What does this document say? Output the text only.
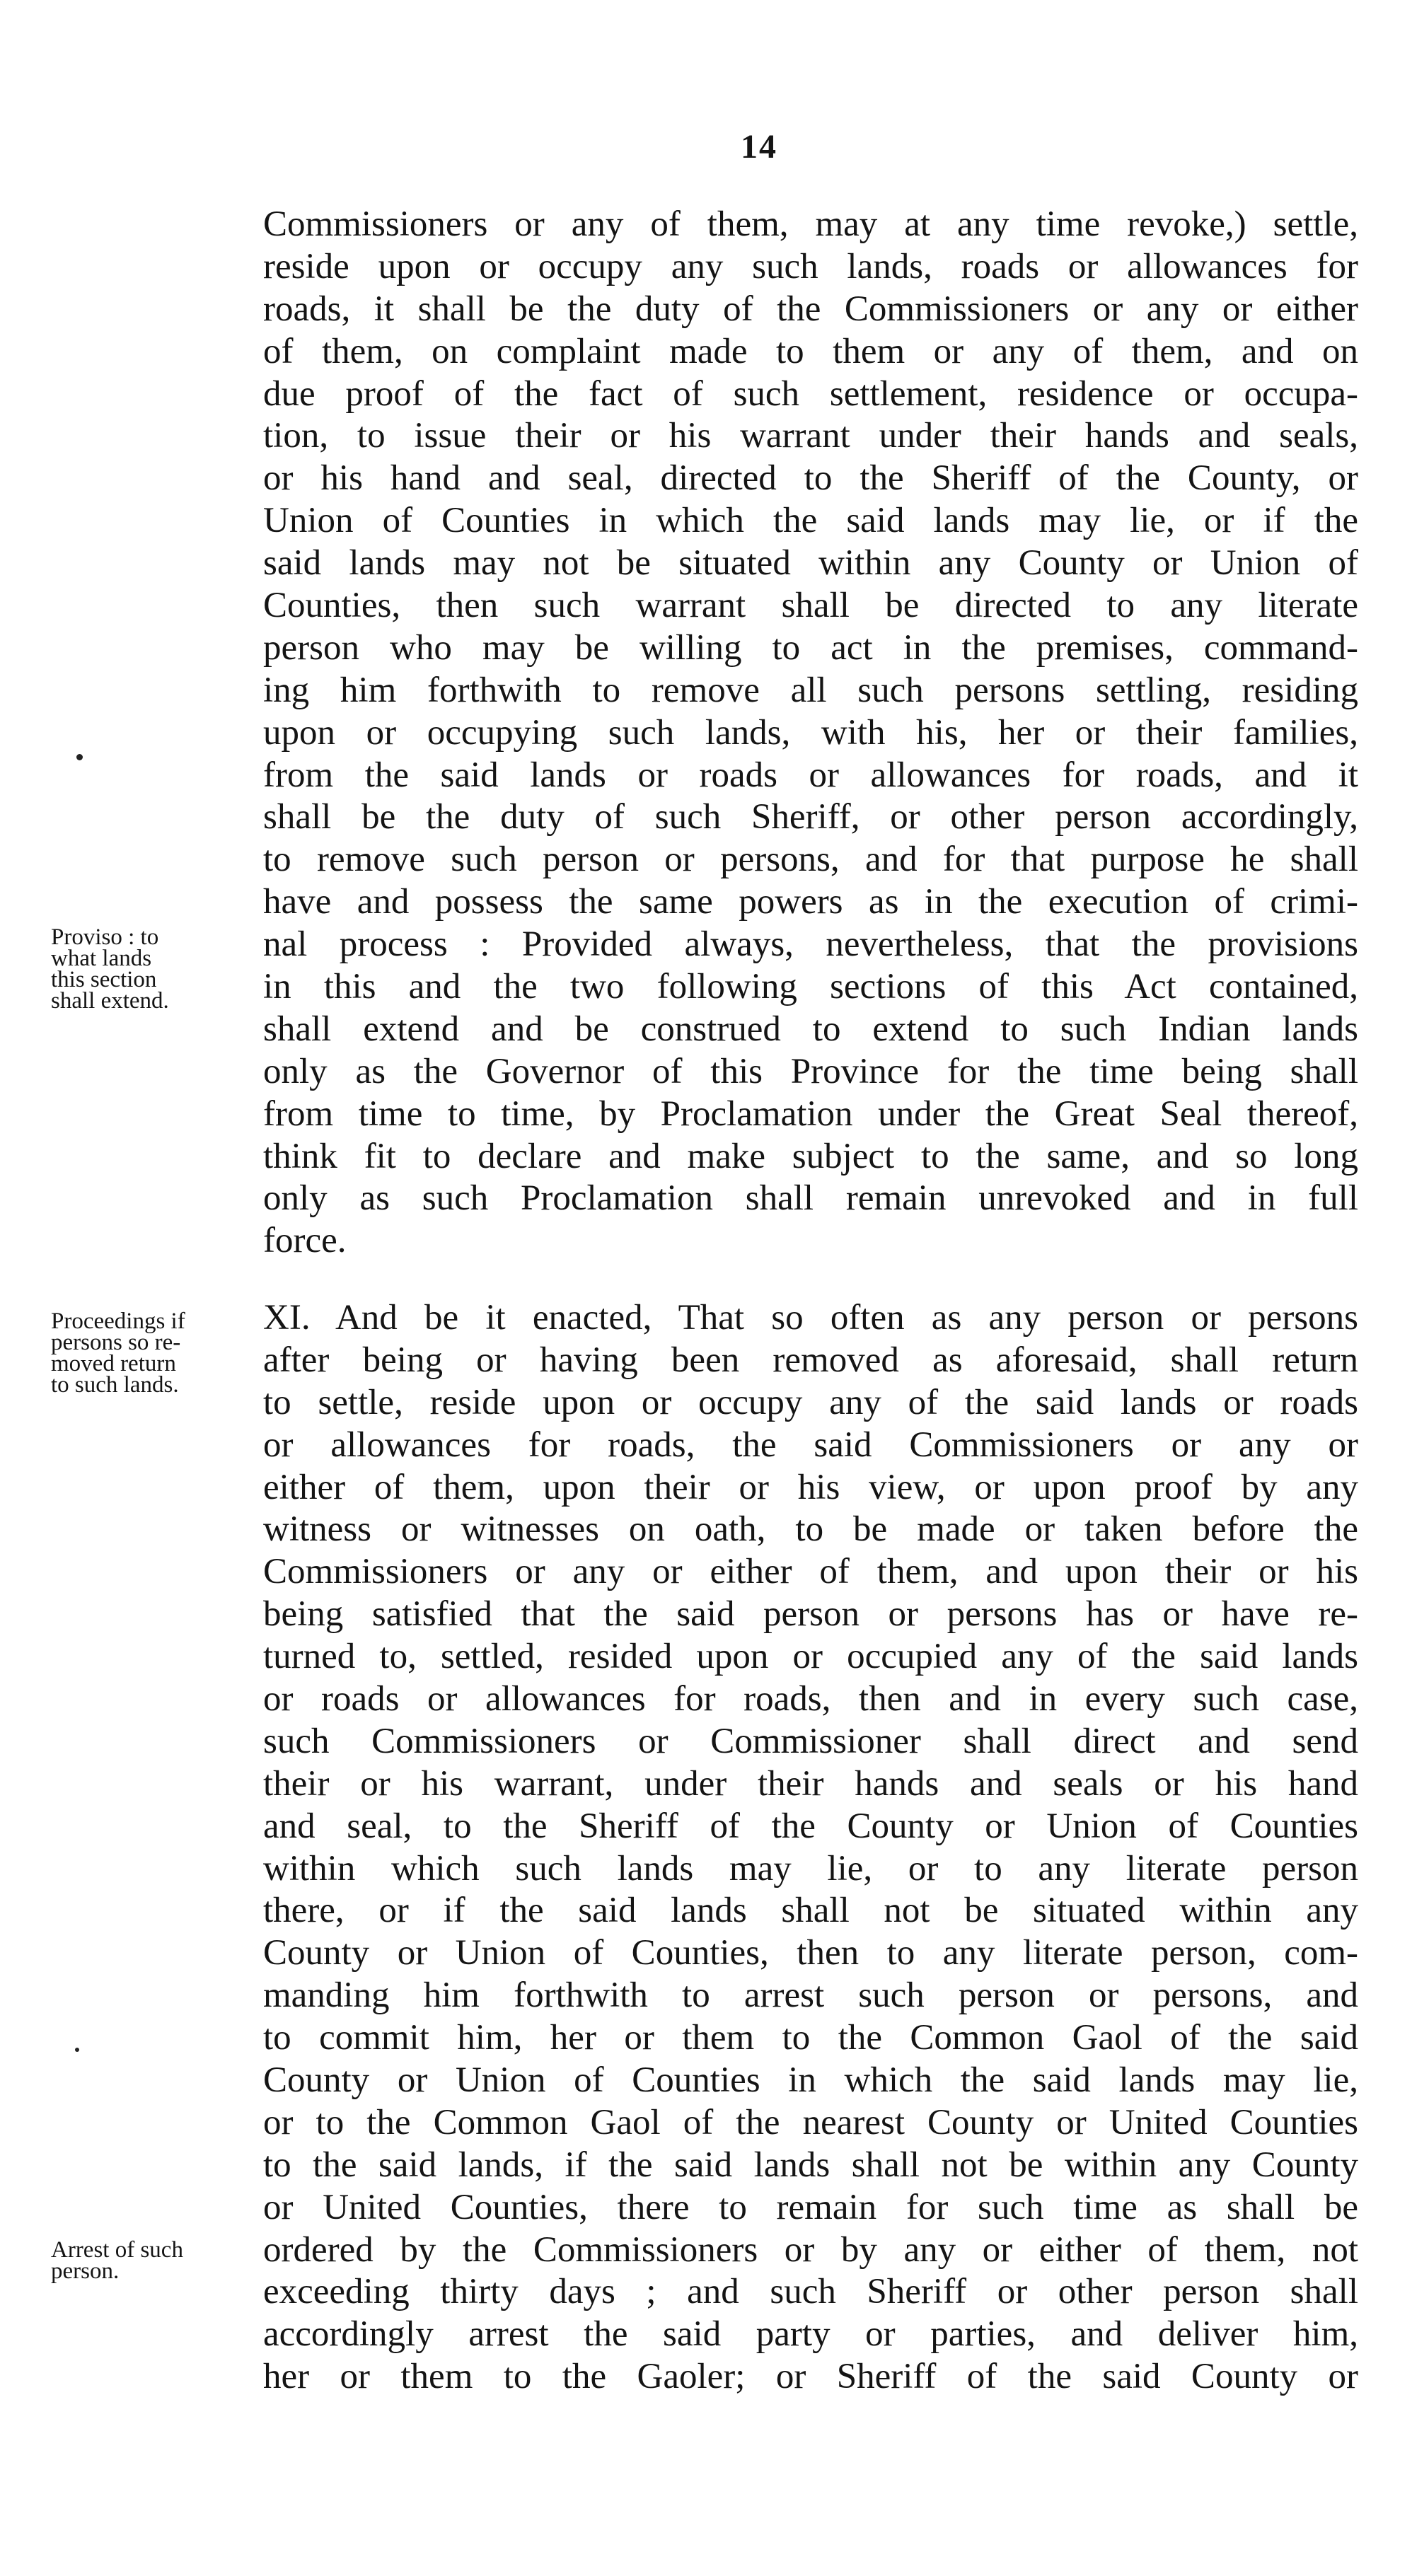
14
Proviso : to
what lands
this section
shall extend.
Proceedings if
persons so re-
moved return
to such lands.
Arrest of such
person.
Commissioners or any of them, may at any time revoke,) settle,
reside upon or occupy any such lands, roads or allowances for
roads, it shall be the duty of the Commissioners or any or either
of them, on complaint made to them or any of them, and on
due proof of the fact of such settlement, residence or occupa-
tion, to issue their or his warrant under their hands and seals,
or his hand and seal, directed to the Sheriff of the County, or
Union of Counties in which the said lands may lie, or if the
said lands may not be situated within any County or Union of
Counties, then such warrant shall be directed to any literate
person who may be willing to act in the premises, command-
ing him forthwith to remove all such persons settling, residing
upon or occupying such lands, with his, her or their families,
from the said lands or roads or allowances for roads, and it
shall be the duty of such Sheriff, or other person accordingly,
to remove such person or persons, and for that purpose he shall
have and possess the same powers as in the execution of crimi-
nal process : Provided always, nevertheless, that the provisions
in this and the two following sections of this Act contained,
shall extend and be construed to extend to such Indian lands
only as the Governor of this Province for the time being shall
from time to time, by Proclamation under the Great Seal thereof,
think fit to declare and make subject to the same, and so long
only as such Proclamation shall remain unrevoked and in full
force.
XI. And be it enacted, That so often as any person or persons
after being or having been removed as aforesaid, shall return
to settle, reside upon or occupy any of the said lands or roads
or allowances for roads, the said Commissioners or any or
either of them, upon their or his view, or upon proof by any
witness or witnesses on oath, to be made or taken before the
Commissioners or any or either of them, and upon their or his
being satisfied that the said person or persons has or have re-
turned to, settled, resided upon or occupied any of the said lands
or roads or allowances for roads, then and in every such case,
such Commissioners or Commissioner shall direct and send
their or his warrant, under their hands and seals or his hand
and seal, to the Sheriff of the County or Union of Counties
within which such lands may lie, or to any literate person
there, or if the said lands shall not be situated within any
County or Union of Counties, then to any literate person, com-
manding him forthwith to arrest such person or persons, and
to commit him, her or them to the Common Gaol of the said
County or Union of Counties in which the said lands may lie,
or to the Common Gaol of the nearest County or United Counties
to the said lands, if the said lands shall not be within any County
or United Counties, there to remain for such time as shall be
ordered by the Commissioners or by any or either of them, not
exceeding thirty days ; and such Sheriff or other person shall
accordingly arrest the said party or parties, and deliver him,
her or them to the Gaoler; or Sheriff of the said County or
